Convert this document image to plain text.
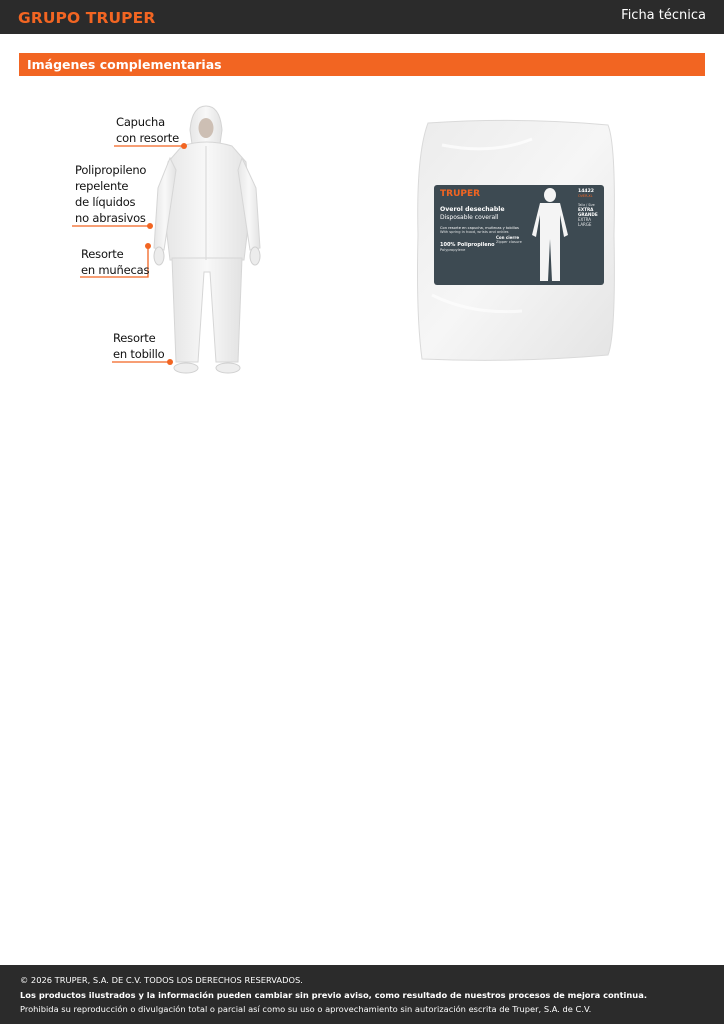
GRUPO TRUPER	Ficha técnica
Imágenes complementarias
Capucha
con resorte
Polipropileno
repelente
de líquidos
no abrasivos
Resorte
en muñecas
Resorte
en tobillo
TRUPER
Overol desechable
Disposable coverall
Con resorte en capucha, muñecas y tobillos
With spring in hood, wrists and ankles
100% Polipropileno
Polypropylene
Con cierre
Zipper closure
14422
OVER-XL
Talla / Size
EXTRA GRANDE
EXTRA LARGE
© 2026 TRUPER, S.A. DE C.V. TODOS LOS DERECHOS RESERVADOS.
Los productos ilustrados y la información pueden cambiar sin previo aviso, como resultado de nuestros procesos de mejora continua.
Prohibida su reproducción o divulgación total o parcial así como su uso o aprovechamiento sin autorización escrita de Truper, S.A. de C.V.
